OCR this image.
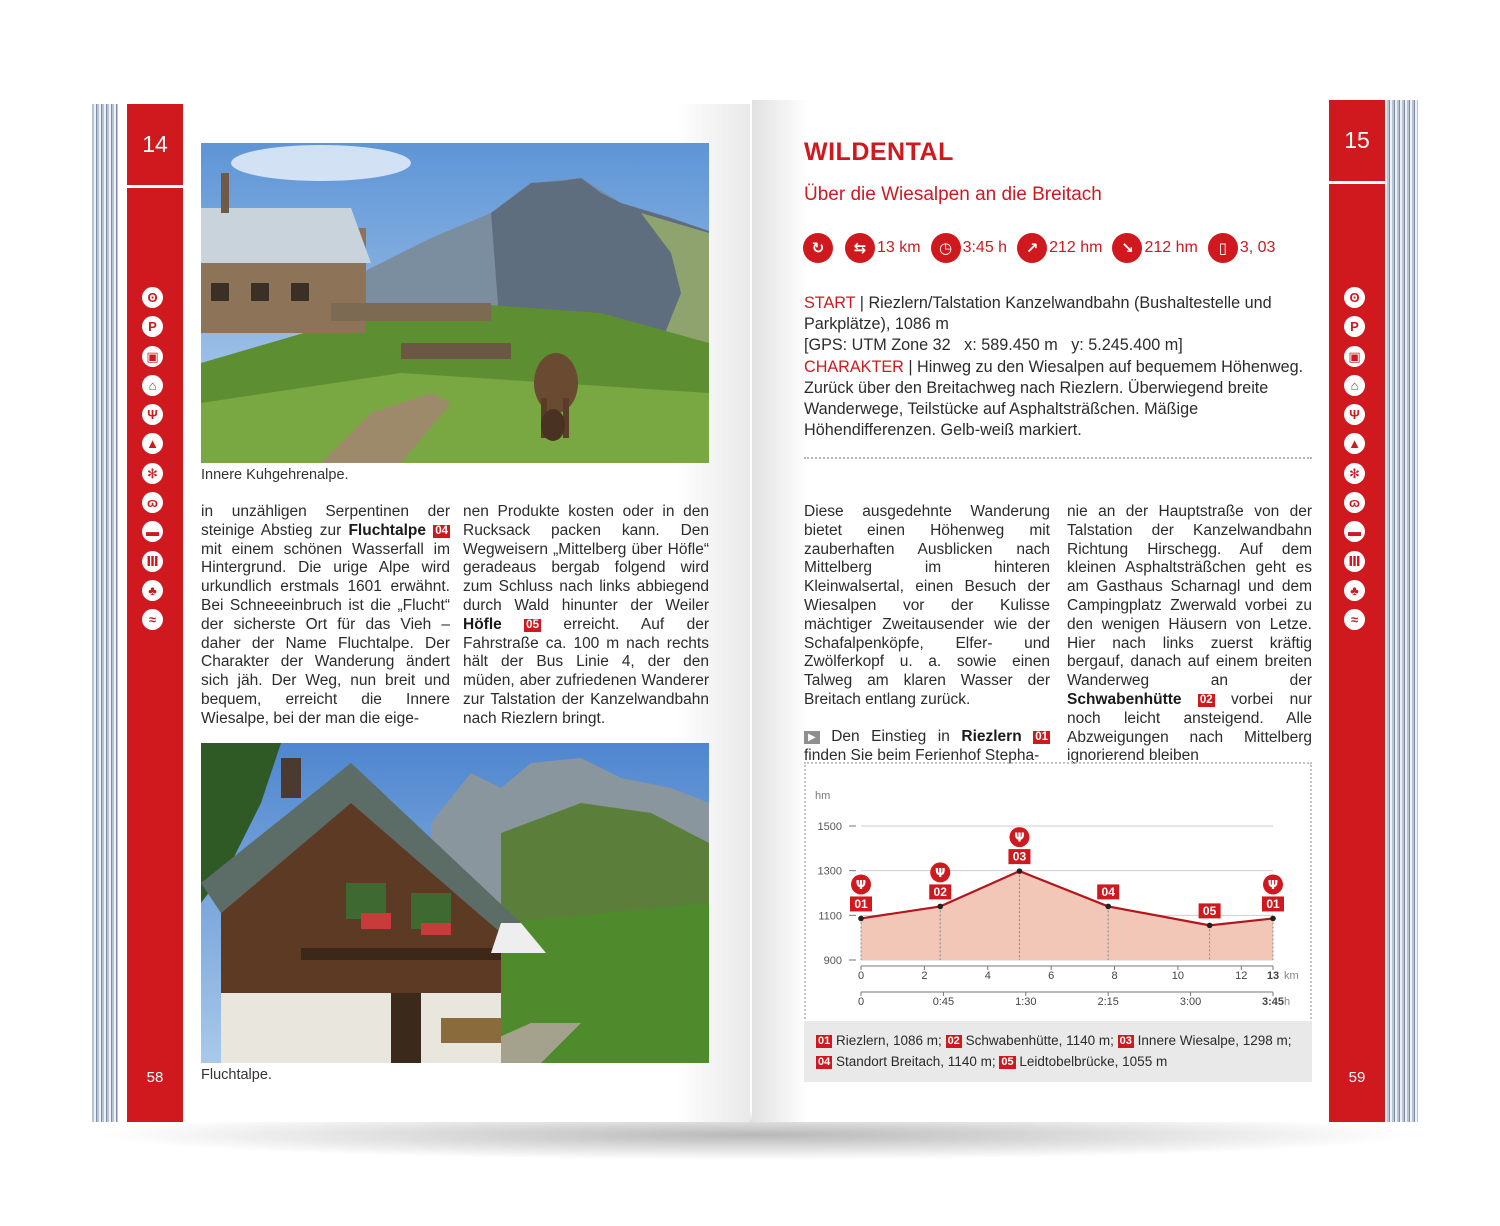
14
ʘ
P
▣
⌂
Ψ
▲
✻
ɷ
▬
Ⅲ
♣
≈
58
Innere Kuhgehrenalpe.

in unzähligen Serpentinen der steinige Abstieg zur Fluchtalpe 04 mit einem schönen Wasserfall im Hintergrund. Die urige Alpe wird urkundlich erstmals 1601 erwähnt. Bei Schneeeinbruch ist die „Flucht“ der sicherste Ort für das Vieh – daher der Name Fluchtalpe. Der Charakter der Wanderung ändert sich jäh. Der Weg, nun breit und bequem, erreicht die Innere Wiesalpe, bei der man die eige-

nen Produkte kosten oder in den Rucksack packen kann. Den Wegweisern „Mittelberg über Höfle“ geradeaus bergab folgend wird zum Schluss nach links abbiegend durch Wald hinunter der Weiler Höfle 05 erreicht. Auf der Fahrstraße ca. 100 m nach rechts hält der Bus Linie 4, der den müden, aber zufriedenen Wanderer zur Talstation der Kanzelwandbahn nach Riezlern bringt.

Fluchtalpe.
15
ʘ
P
▣
⌂
Ψ
▲
✻
ɷ
▬
Ⅲ
♣
≈
59
WILDENTAL
Über die Wiesalpen an die Breitach
↻	⇆ 13 km	◷ 3:45 h	↗ 212 hm	↘ 212 hm	▯ 3, 03
START | Riezlern/Talstation Kanzelwandbahn (Bushaltestelle und Parkplätze), 1086 m
[GPS: UTM Zone 32   x: 589.450 m   y: 5.245.400 m]
CHARAKTER | Hinweg zu den Wiesalpen auf bequemem Höhenweg. Zurück über den Breitachweg nach Riezlern. Überwiegend breite Wanderwege, Teilstücke auf Asphaltsträßchen. Mäßige Höhendifferenzen. Gelb-weiß markiert.

Diese ausgedehnte Wanderung bietet einen Höhenweg mit zauberhaften Ausblicken nach Mittelberg im hinteren Kleinwalsertal, einen Besuch der Wiesalpen vor der Kulisse mächtiger Zweitausender wie der Schafalpenköpfe, Elfer- und Zwölferkopf u. a. sowie einen Talweg am klaren Wasser der Breitach entlang zurück.

▶ Den Einstieg in Riezlern 01 finden Sie beim Ferienhof Stepha-

nie an der Hauptstraße von der Talstation der Kanzelwandbahn Richtung Hirschegg. Auf dem kleinen Asphaltsträßchen geht es am Gasthaus Scharnagl und dem Campingplatz Zwerwald vorbei zu den wenigen Häusern von Letze. Hier nach links zuerst kräftig bergauf, danach auf einem breiten Wanderweg an der Schwabenhütte 02 vorbei nur noch leicht ansteigend. Alle Abzweigungen nach Mittelberg ignorierend bleiben

hm
900
1100
1300
1500
01
Ψ	02
Ψ
03
Ψ
04
05	01
Ψ
0	2	4	6	8	10	12 13 km
0	0:45	1:30	2:15	3:00	3:45 h
01 Riezlern, 1086 m; 02 Schwabenhütte, 1140 m; 03 Innere Wiesalpe, 1298 m; 04 Standort Breitach, 1140 m; 05 Leidtobelbrücke, 1055 m
